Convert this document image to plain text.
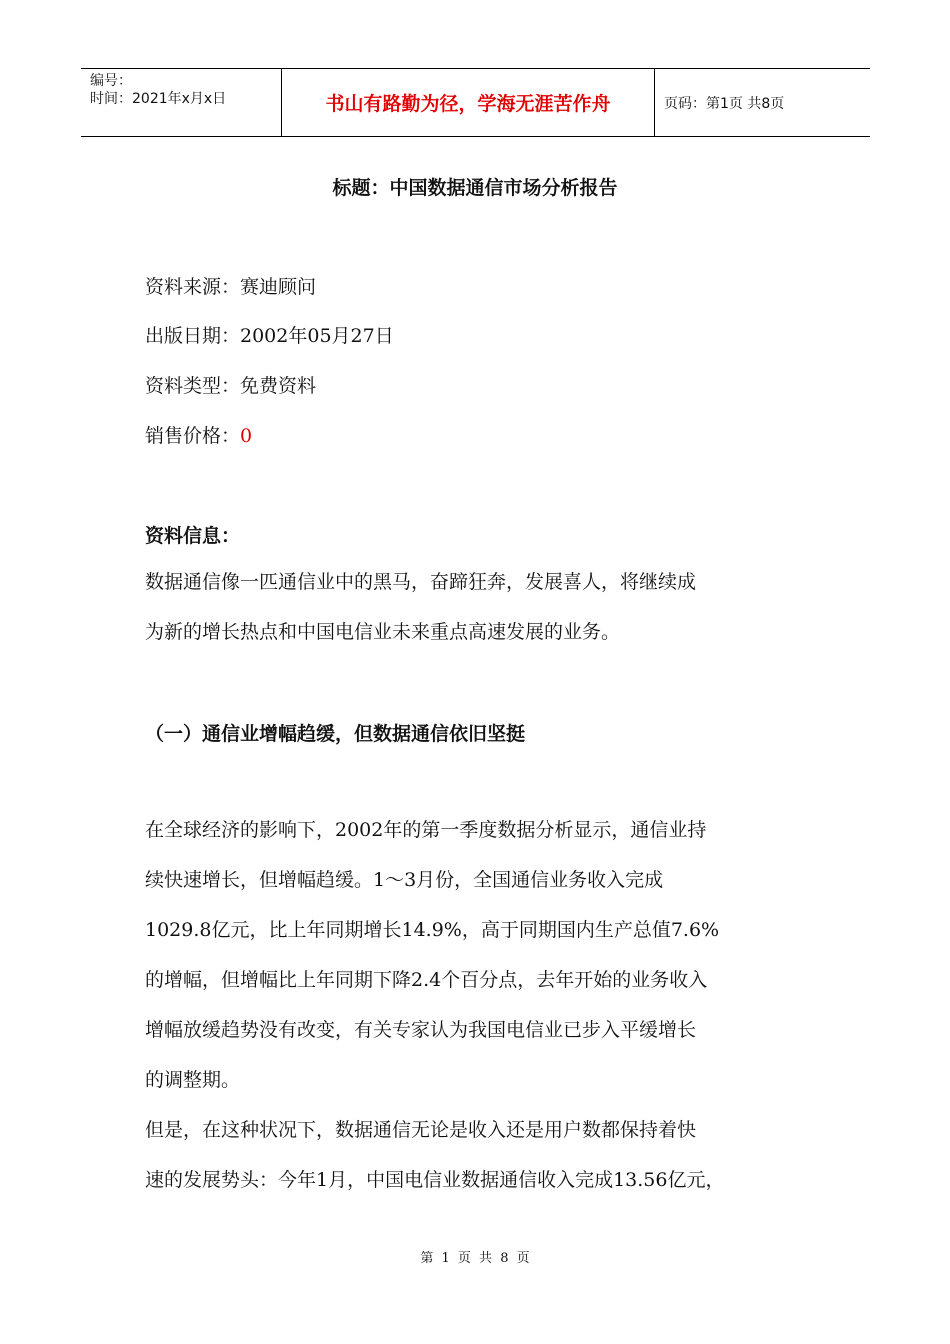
编号：
时间：2021年x月x日	书山有路勤为径，学海无涯苦作舟	页码：第1页 共8页
标题：中国数据通信市场分析报告
资料来源：赛迪顾问
出版日期：2002年05月27日
资料类型：免费资料
销售价格：0
资料信息：
数据通信像一匹通信业中的黑马，奋蹄狂奔，发展喜人，将继续成
为新的增长热点和中国电信业未来重点高速发展的业务。
（一）通信业增幅趋缓，但数据通信依旧坚挺
在全球经济的影响下，2002年的第一季度数据分析显示，通信业持
续快速增长，但增幅趋缓。1～3月份，全国通信业务收入完成
1029.8亿元，比上年同期增长14.9%，高于同期国内生产总值7.6%
的增幅，但增幅比上年同期下降2.4个百分点，去年开始的业务收入
增幅放缓趋势没有改变，有关专家认为我国电信业已步入平缓增长
的调整期。
但是，在这种状况下，数据通信无论是收入还是用户数都保持着快
速的发展势头：今年1月，中国电信业数据通信收入完成13.56亿元，
第 1 页 共 8 页
